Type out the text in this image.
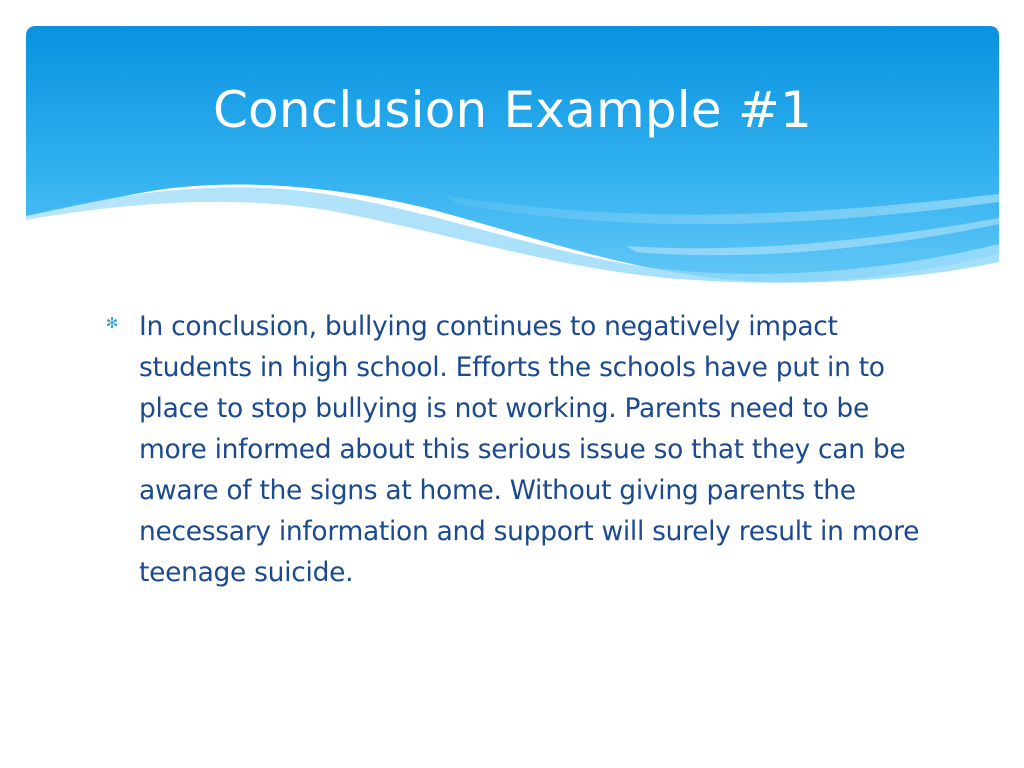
Conclusion Example #1
✻ In conclusion, bullying continues to negatively impact students in high school. Efforts the schools have put in to place to stop bullying is not working. Parents need to be more informed about this serious issue so that they can be aware of the signs at home. Without giving parents the necessary information and support will surely result in more teenage suicide.
